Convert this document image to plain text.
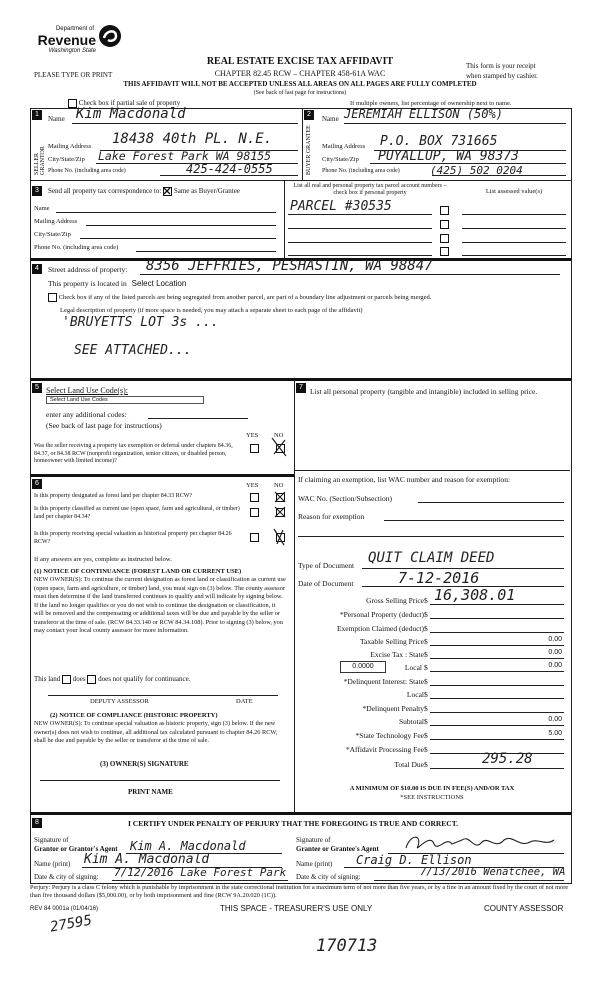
Department of
Revenue
Washington State
PLEASE TYPE OR PRINT
REAL ESTATE EXCISE TAX AFFIDAVIT
CHAPTER 82.45 RCW – CHAPTER 458-61A WAC
THIS AFFIDAVIT WILL NOT BE ACCEPTED UNLESS ALL AREAS ON ALL PAGES ARE FULLY COMPLETED
(See back of last page for instructions)
This form is your receipt
when stamped by cashier.
Check box if partial sale of property	If multiple owners, list percentage of ownership next to name.
1	2
SELLER GRANTOR	BUYER GRANTEE
Name Kim Macdonald
Mailing Address 18438 40th PL. N.E.
City/State/Zip Lake Forest Park WA 98155
Phone No. (including area code)	425-424-0555
Name JEREMIAH ELLISON (50%)
Mailing Address P.O. BOX 731665
City/State/Zip PUYALLUP, WA 98373
Phone No. (including area code)	(425) 502 0204
3	Send all property tax correspondence to: Same as Buyer/Grantee
Name
Mailing Address
City/State/Zip
Phone No. (including area code)
List all real and personal property tax parcel account numbers – check box if personal property	List assessed value(s)
PARCEL #30535
4	Street address of property: 8356 JEFFRIES, PESHASTIN, WA 98847
This property is located in Select Location
Check box if any of the listed parcels are being segregated from another parcel, are part of a boundary line adjustment or parcels being merged.
Legal description of property (if more space is needed, you may attach a separate sheet to each page of the affidavit)
'BRUYETTS LOT 3s ...
SEE ATTACHED...
5 Select Land Use Code(s):
Select Land Use Codes
enter any additional codes:
(See back of last page for instructions)
YES NO
Was the seller receiving a property tax exemption or deferral under chapters 84.36, 84.37, or 84.38 RCW (nonprofit organization, senior citizen, or disabled person, homeowner with limited income)?
6	YES NO
Is this property designated as forest land per chapter 84.33 RCW?
Is this property classified as current use (open space, farm and agricultural, or timber) land per chapter 84.34?
Is this property receiving special valuation as historical property per chapter 84.26 RCW?
If any answers are yes, complete as instructed below.
(1) NOTICE OF CONTINUANCE (FOREST LAND OR CURRENT USE)
NEW OWNER(S): To continue the current designation as forest land or classification as current use (open space, farm and agriculture, or timber) land, you must sign on (3) below. The county assessor must then determine if the land transferred continues to qualify and will indicate by signing below. If the land no longer qualifies or you do not wish to continue the designation or classification, it will be removed and the compensating or additional taxes will be due and payable by the seller or transferor at the time of sale. (RCW 84.33.140 or RCW 84.34.108). Prior to signing (3) below, you may contact your local county assessor for more information.
This land does does not qualify for continuance.
DEPUTY ASSESSOR	DATE
(2) NOTICE OF COMPLIANCE (HISTORIC PROPERTY)
NEW OWNER(S): To continue special valuation as historic property, sign (3) below. If the new owner(s) does not wish to continue, all additional tax calculated pursuant to chapter 84.26 RCW, shall be due and payable by the seller or transferor at the time of sale.
(3) OWNER(S) SIGNATURE
PRINT NAME
7 List all personal property (tangible and intangible) included in selling price.
If claiming an exemption, list WAC number and reason for exemption:
WAC No. (Section/Subsection)
Reason for exemption
Type of Document QUIT CLAIM DEED
Date of Document	7-12-2016
Gross Selling Price $ 16,308.01
*Personal Property (deduct) $
Exemption Claimed (deduct) $
Taxable Selling Price $	0.00
Excise Tax : State $	0.00
0.0000	Local $	0.00
*Delinquent Interest: State $
Local $
*Delinquent Penalty $
Subtotal $	0.00
*State Technology Fee $	5.00
*Affidavit Processing Fee $
Total Due $	295.28
A MINIMUM OF $10.00 IS DUE IN FEE(S) AND/OR TAX
*SEE INSTRUCTIONS
8	I CERTIFY UNDER PENALTY OF PERJURY THAT THE FOREGOING IS TRUE AND CORRECT.
Signature of
Grantor or Grantor's Agent Kim A. Macdonald
Name (print) Kim A. Macdonald
Date & city of signing: 7/12/2016 Lake Forest Park
Signature of
Grantee or Grantee's Agent
Name (print) Craig D. Ellison
Date & city of signing:	7/13/2016 Wenatchee, WA
Perjury: Perjury is a class C felony which is punishable by imprisonment in the state correctional institution for a maximum term of not more than five years, or by a fine in an amount fixed by the court of not more than five thousand dollars ($5,000.00), or by both imprisonment and fine (RCW 9A.20.020 (1C)).
REV 84 0001a (01/04/16)	THIS SPACE - TREASURER'S USE ONLY	COUNTY ASSESSOR
27595
170713
